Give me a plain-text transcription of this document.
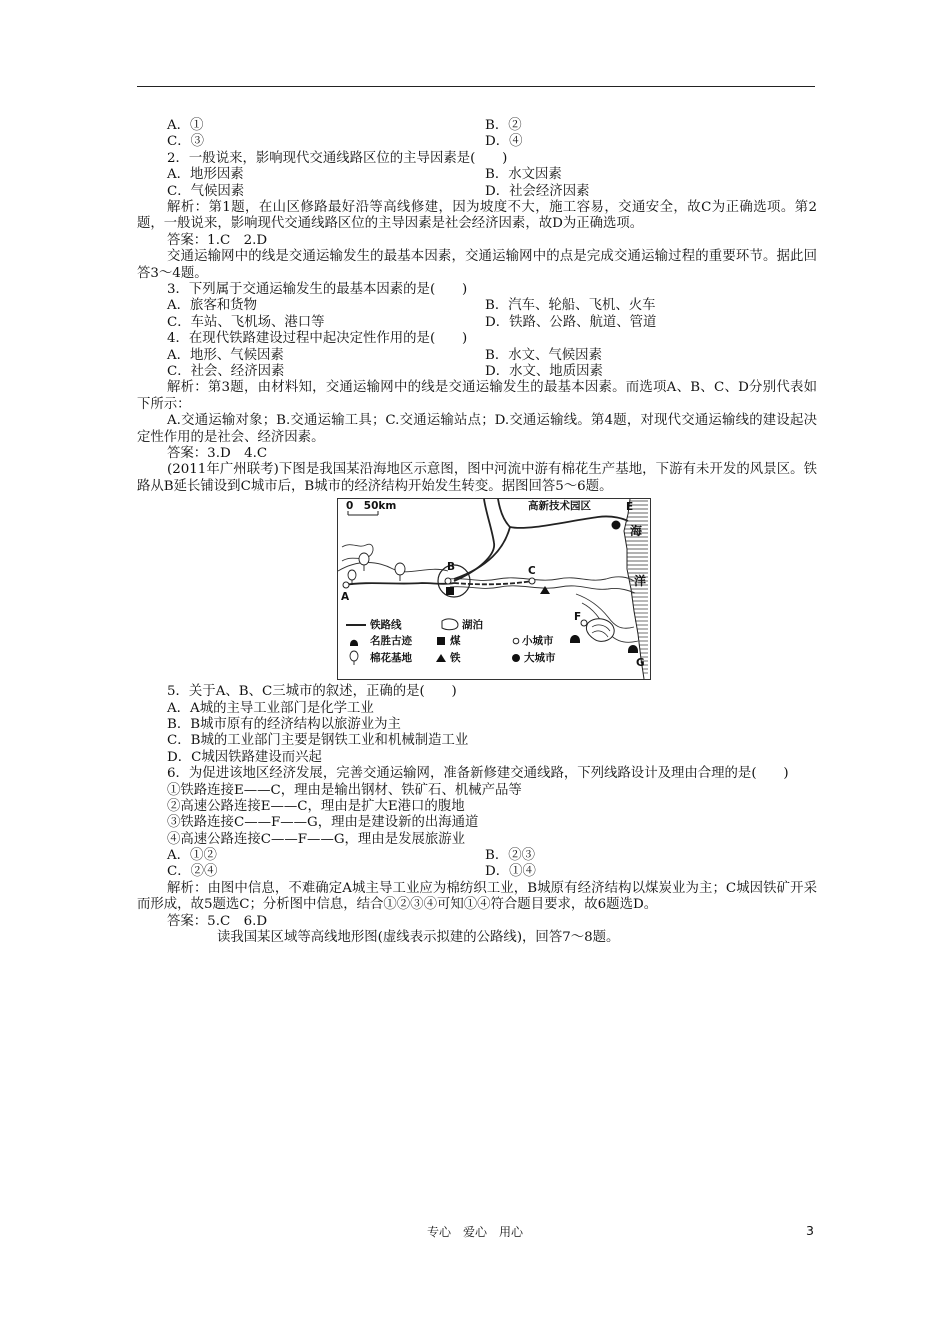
A．①	B．②
C．③	D．④
2．一般说来，影响现代交通线路区位的主导因素是(　　)
A．地形因素	B．水文因素
C．气候因素	D．社会经济因素
解析：第1题，在山区修路最好沿等高线修建，因为坡度不大，施工容易，交通安全，故C为正确选项。第2题，一般说来，影响现代交通线路区位的主导因素是社会经济因素，故D为正确选项。
答案：1.C　2.D
交通运输网中的线是交通运输发生的最基本因素，交通运输网中的点是完成交通运输过程的重要环节。据此回答3～4题。
3．下列属于交通运输发生的最基本因素的是(　　)
A．旅客和货物	B．汽车、轮船、飞机、火车
C．车站、飞机场、港口等	D．铁路、公路、航道、管道
4．在现代铁路建设过程中起决定性作用的是(　　)
A．地形、气候因素	B．水文、气候因素
C．社会、经济因素	D．水文、地质因素
解析：第3题，由材料知，交通运输网中的线是交通运输发生的最基本因素。而选项A、B、C、D分别代表如下所示：
A.交通运输对象；B.交通运输工具；C.交通运输站点；D.交通运输线。第4题，对现代交通运输线的建设起决定性作用的是社会、经济因素。
答案：3.D　4.C
(2011年广州联考)下图是我国某沿海地区示意图，图中河流中游有棉花生产基地，下游有未开发的风景区。铁路从B延长铺设到C城市后，B城市的经济结构开始发生转变。据图回答5～6题。
0　50km	高新技术园区	E
海
洋
A
B	C
F
G
铁路线	湖泊
名胜古迹	煤	小城市
棉花基地	铁	大城市
5．关于A、B、C三城市的叙述，正确的是(　　)
A．A城的主导工业部门是化学工业
B．B城市原有的经济结构以旅游业为主
C．B城的工业部门主要是钢铁工业和机械制造工业
D．C城因铁路建设而兴起
6．为促进该地区经济发展，完善交通运输网，准备新修建交通线路，下列线路设计及理由合理的是(　　)
①铁路连接E——C，理由是输出钢材、铁矿石、机械产品等
②高速公路连接E——C，理由是扩大E港口的腹地
③铁路连接C——F——G，理由是建设新的出海通道
④高速公路连接C——F——G，理由是发展旅游业
A．①②	B．②③
C．②④	D．①④
解析：由图中信息，不难确定A城主导工业应为棉纺织工业，B城原有经济结构以煤炭业为主；C城因铁矿开采而形成，故5题选C；分析图中信息，结合①②③④可知①④符合题目要求，故6题选D。
答案：5.C　6.D
读我国某区域等高线地形图(虚线表示拟建的公路线)，回答7～8题。
专心　爱心　用心	3
